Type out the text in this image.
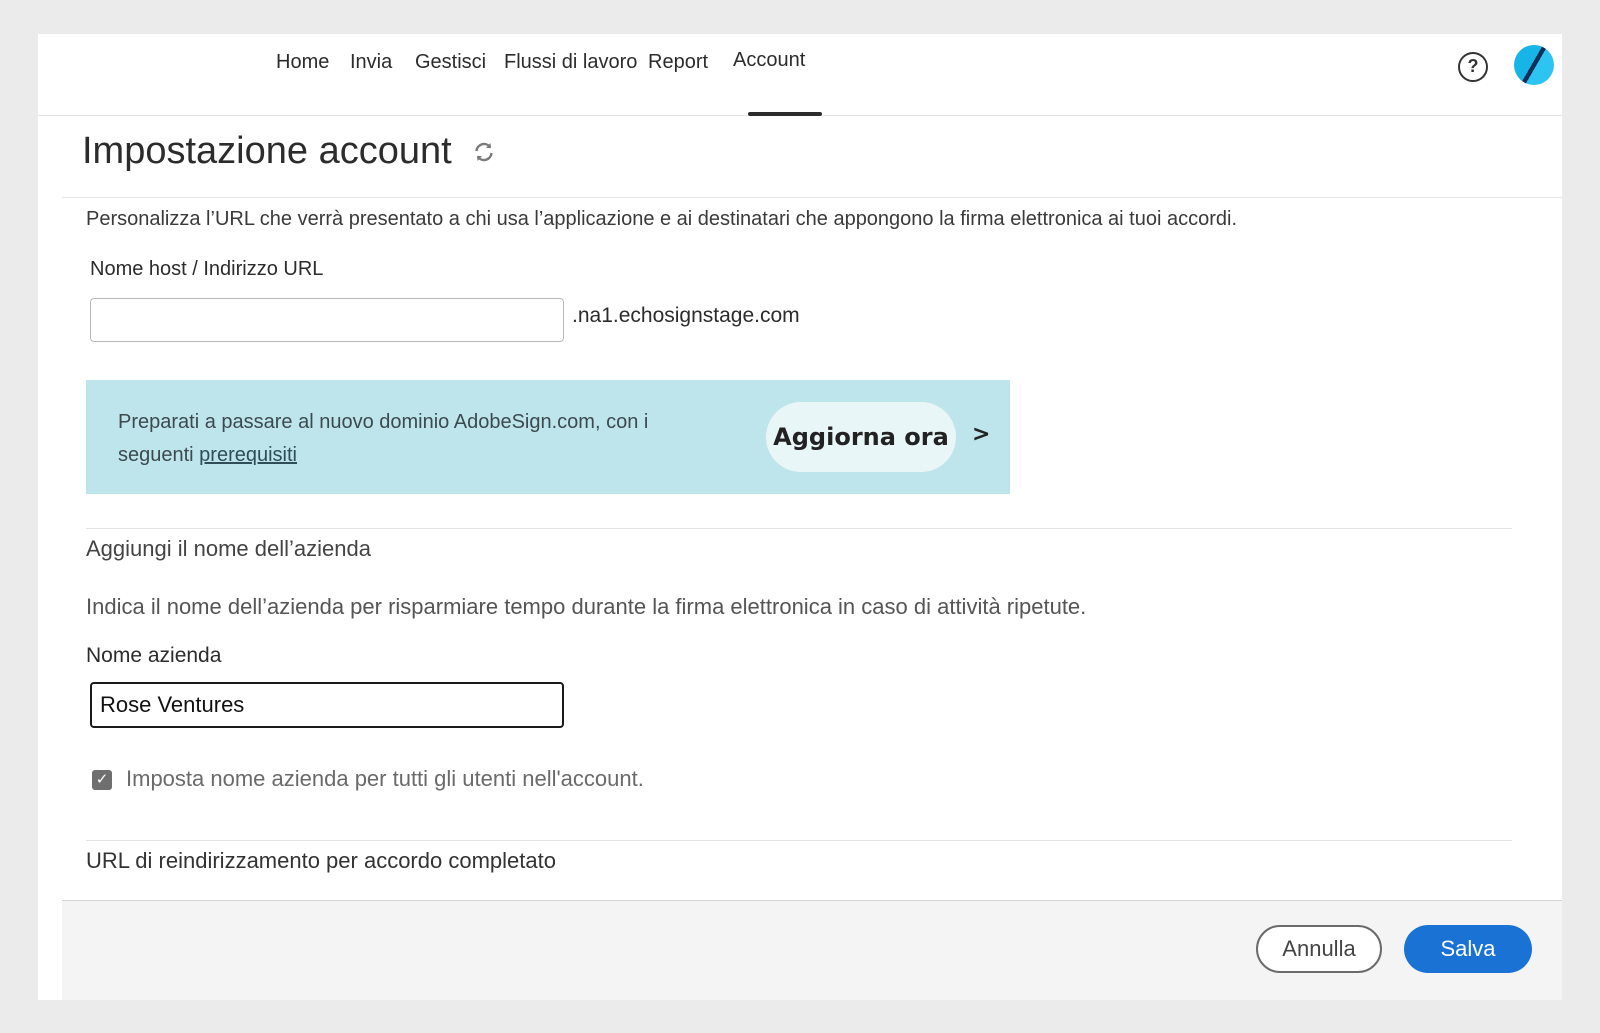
Home Invia Gestisci Flussi di lavoro Report Account	?
Impostazione account

Personalizza l’URL che verrà presentato a chi usa l’applicazione e ai destinatari che appongono la firma elettronica ai tuoi accordi.

Nome host / Indirizzo URL
.na1.echosignstage.com

Preparati a passare al nuovo dominio AdobeSign.com, con i seguenti prerequisiti

Aggiorna ora	>
Aggiungi il nome dell’azienda

Indica il nome dell’azienda per risparmiare tempo durante la firma elettronica in caso di attività ripetute.

Nome azienda
Rose Ventures
✓ Imposta nome azienda per tutti gli utenti nell'account.
URL di reindirizzamento per accordo completato
Annulla	Salva
